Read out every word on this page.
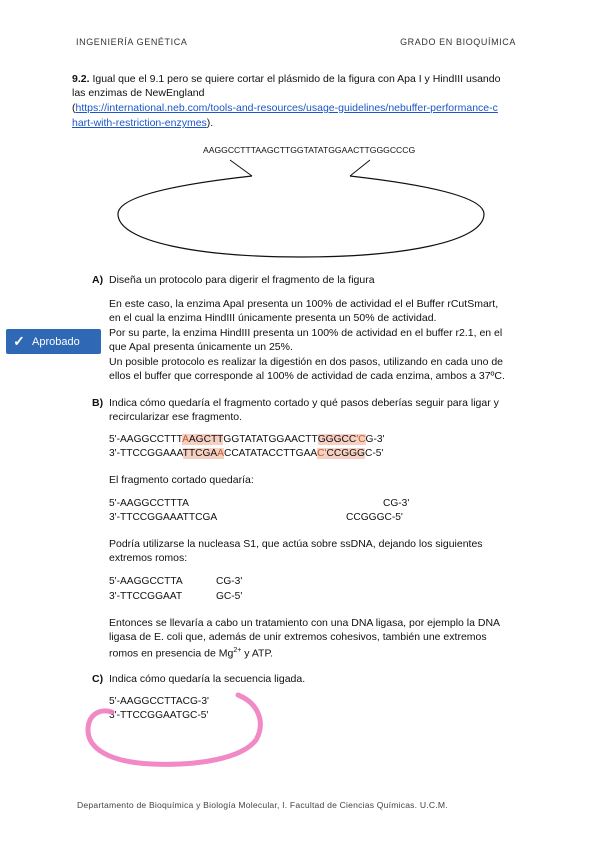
INGENIERÍA GENÉTICA	GRADO EN BIOQUÍMICA
9.2. Igual que el 9.1 pero se quiere cortar el plásmido de la figura con Apa I y HindIII usando
las enzimas de NewEngland
(https://international.neb.com/tools-and-resources/usage-guidelines/nebuffer-performance-c
hart-with-restriction-enzymes).
AAGGCCTTTAAGCTTGGTATATGGAACTTGGGCCCG
A) Diseña un protocolo para digerir el fragmento de la figura
En este caso, la enzima ApaI presenta un 100% de actividad el el Buffer rCutSmart,
en el cual la enzima HindIII únicamente presenta un 50% de actividad.
Por su parte, la enzima HindIII presenta un 100% de actividad en el buffer r2.1, en el
que ApaI presenta únicamente un 25%.
Un posible protocolo es realizar la digestión en dos pasos, utilizando en cada uno de
ellos el buffer que corresponde al 100% de actividad de cada enzima, ambos a 37ºC.
✓ Aprobado
B) Indica cómo quedaría el fragmento cortado y qué pasos deberías seguir para ligar y
recircularizar ese fragmento.
5'-AAGGCCTTTAAGCTTGGTATATGGAACTTGGGCC'CG-3'
3'-TTCCGGAAATTCGAACCATATACCTTGAAC'CCGGGC-5'
El fragmento cortado quedaría:
5'-AAGGCCTTTA	CG-3'
3'-TTCCGGAAATTCGA	CCGGGC-5'
Podría utilizarse la nucleasa S1, que actúa sobre ssDNA, dejando los siguientes
extremos romos:
5'-AAGGCCTTA	CG-3'
3'-TTCCGGAAT	GC-5'
Entonces se llevaría a cabo un tratamiento con una DNA ligasa, por ejemplo la DNA
ligasa de E. coli que, además de unir extremos cohesivos, también une extremos
romos en presencia de $Mg^{2+}$ y ATP.
C) Indica cómo quedaría la secuencia ligada.
5'-AAGGCCTTACG-3'
3'-TTCCGGAATGC-5'
Departamento de Bioquímica y Biología Molecular, I. Facultad de Ciencias Químicas. U.C.M.
